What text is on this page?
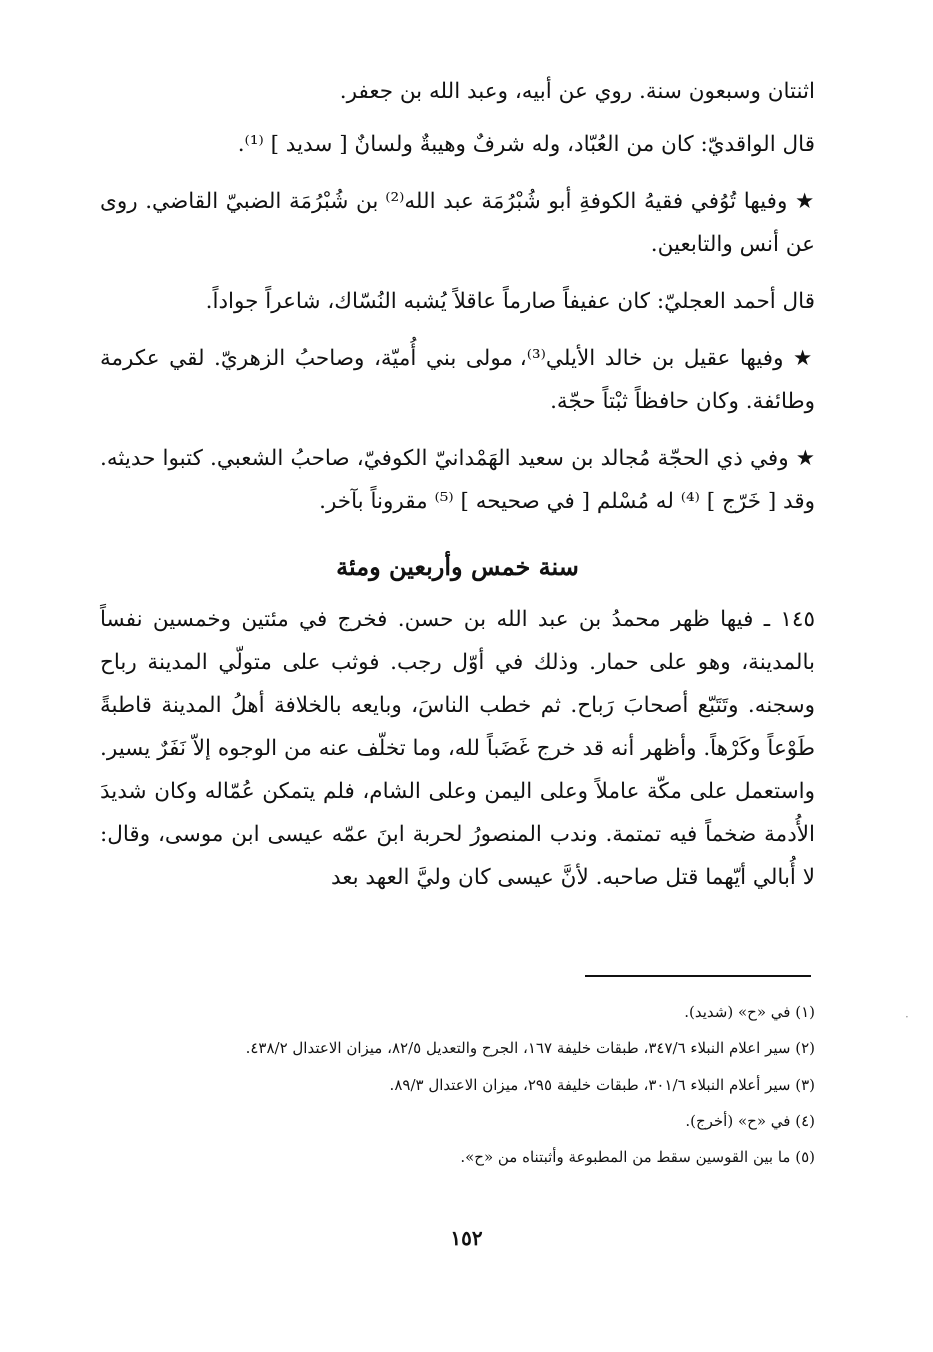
اثنتان وسبعون سنة. روي عن أبيه، وعبد الله بن جعفر.

قال الواقديّ: كان من العُبّاد، وله شرفٌ وهيبةٌ ولسانٌ [ سديد ] ⁽¹⁾.

★ وفيها تُوُفي فقيهُ الكوفةِ أبو شُبْرُمَة عبد الله⁽²⁾ بن شُبْرُمَة الضبيّ القاضي. روى عن أنس والتابعين.

قال أحمد العجليّ: كان عفيفاً صارماً عاقلاً يُشبه النُسّاك، شاعراً جواداً.

★ وفيها عقيل بن خالد الأيلي⁽³⁾، مولى بني أُميّة، وصاحبُ الزهريّ. لقي عكرمة وطائفة. وكان حافظاً ثبْتاً حجّة.

★ وفي ذي الحجّة مُجالد بن سعيد الهَمْدانيّ الكوفيّ، صاحبُ الشعبي. كتبوا حديثه. وقد [ خَرّج ] ⁽⁴⁾ له مُسْلم [ في صحيحه ] ⁽⁵⁾ مقروناً بآخر.

سنة خمس وأربعين ومئة

١٤٥ ـ فيها ظهر محمدُ بن عبد الله بن حسن. فخرج في مئتين وخمسين نفساً بالمدينة، وهو على حمار. وذلك في أوّل رجب. فوثب على متولّي المدينة رباح وسجنه. وتَتَبّع أصحابَ رَباح. ثم خطب الناسَ، وبايعه بالخلافة أهلُ المدينة قاطبةً طَوْعاً وكَرْهاً. وأظهر أنه قد خرج غَضَباً لله، وما تخلّف عنه من الوجوه إلاّ نَفَرٌ يسير. واستعمل على مكّة عاملاً وعلى اليمن وعلى الشام، فلم يتمكن عُمّاله وكان شديدَ الأُدمة ضخماً فيه تمتمة. وندب المنصورُ لحربة ابنَ عمّه عيسى ابن موسى، وقال: لا أُبالي أيّهما قتل صاحبه. لأنَّ عيسى كان وليَّ العهد بعد

(١) في «ح» (شديد).

(٢) سير اعلام النبلاء ٣٤٧/٦، طبقات خليفة ١٦٧، الجرح والتعديل ٨٢/٥، ميزان الاعتدال ٤٣٨/٢.

(٣) سير أعلام النبلاء ٣٠١/٦، طبقات خليفة ٢٩٥، ميزان الاعتدال ٨٩/٣.

(٤) في «ح» (أخرج).

(٥) ما بين القوسين سقط من المطبوعة وأثبتناه من «ح».

١٥٢
·
